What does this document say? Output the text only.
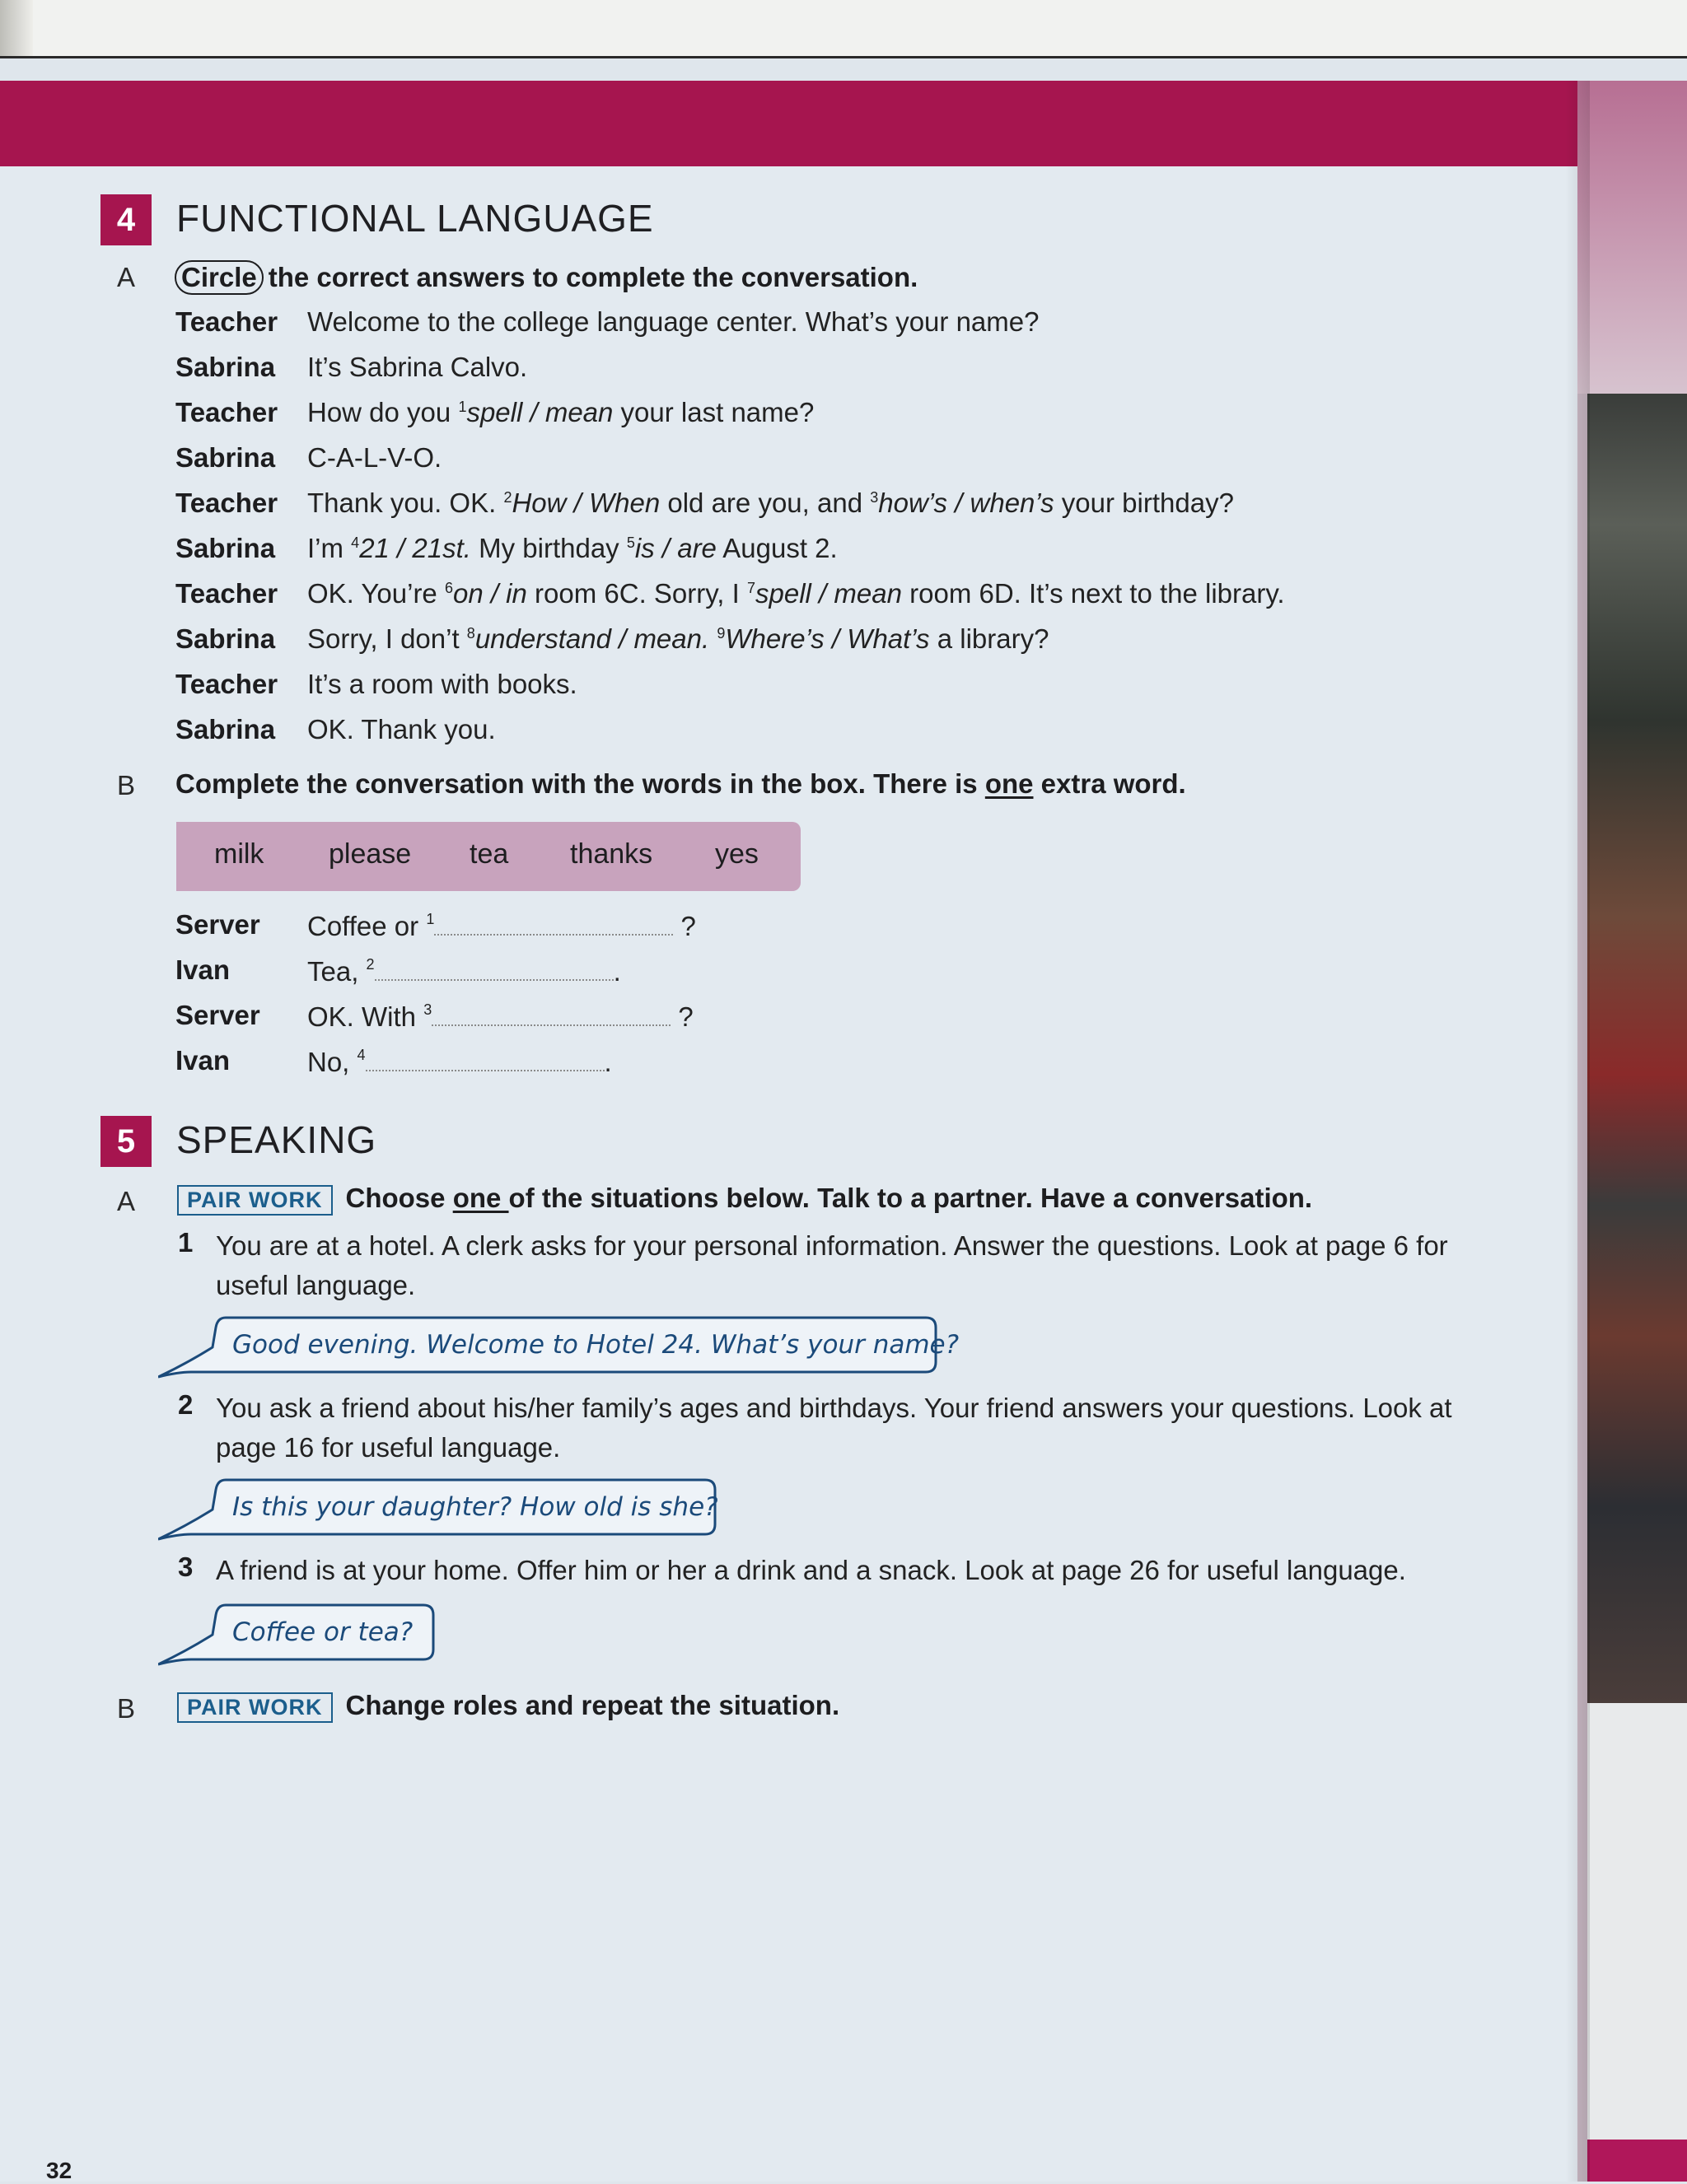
4	FUNCTIONAL LANGUAGE
A Circle the correct answers to complete the conversation.
Teacher Welcome to the college language center. What’s your name?
Sabrina It’s Sabrina Calvo.
Teacher How do you $^1$spell / mean your last name?
Sabrina C-A-L-V-O.
Teacher Thank you. OK. $^2$How / When old are you, and $^3$how’s / when’s your birthday?
Sabrina I’m $^4$21 / 21st. My birthday $^5$is / are August 2.
Teacher OK. You’re $^6$on / in room 6C. Sorry, I $^7$spell / mean room 6D. It’s next to the library.
Sabrina Sorry, I don’t $^8$understand / mean. $^9$Where’s / What’s a library?
Teacher It’s a room with books.
Sabrina OK. Thank you.
B Complete the conversation with the words in the box. There is one extra word.
milk please tea thanks yes
Server Coffee or $^1$	?
Ivan	Tea, $^2$	.
Server OK. With $^3$	?
Ivan	No, $^4$	.
5	SPEAKING
A	PAIR WORK Choose one of the situations below. Talk to a partner. Have a conversation.
1 You are at a hotel. A clerk asks for your personal information. Answer the questions. Look at page 6 for
useful language.
Good evening. Welcome to Hotel 24. What’s your name?
2 You ask a friend about his/her family’s ages and birthdays. Your friend answers your questions. Look at
page 16 for useful language.
Is this your daughter? How old is she?
3 A friend is at your home. Offer him or her a drink and a snack. Look at page 26 for useful language.
Coffee or tea?
B	PAIR WORK Change roles and repeat the situation.
32
